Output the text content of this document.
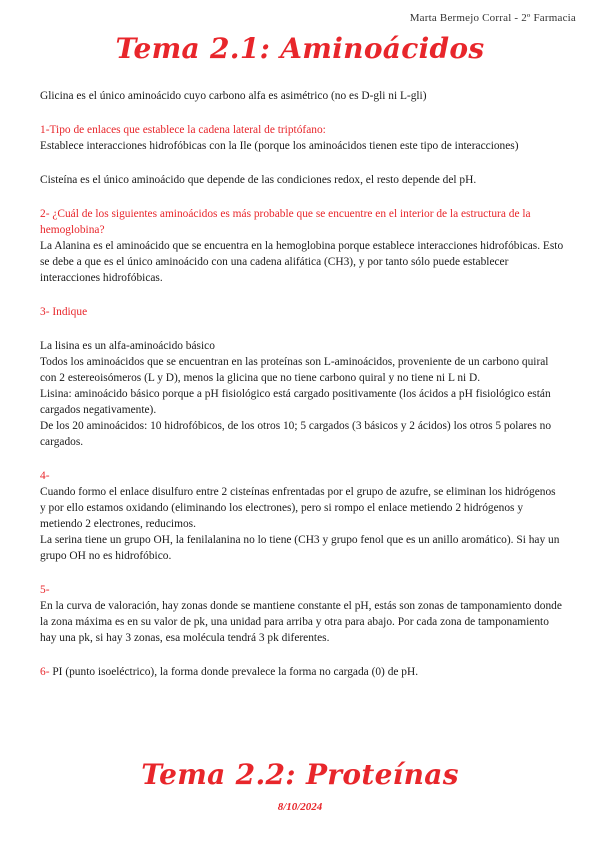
Marta Bermejo Corral - 2º Farmacia
Tema 2.1: Aminoácidos

Glicina es el único aminoácido cuyo carbono alfa es asimétrico (no es D-gli ni L-gli)

1-Tipo de enlaces que establece la cadena lateral de triptófano:

Establece interacciones hidrofóbicas con la Ile (porque los aminoácidos tienen este tipo de interacciones)

Cisteína es el único aminoácido que depende de las condiciones redox, el resto depende del pH.

2- ¿Cuál de los siguientes aminoácidos es más probable que se encuentre en el interior de la estructura de la hemoglobina?

La Alanina es el aminoácido que se encuentra en la hemoglobina porque establece interacciones hidrofóbicas. Esto se debe a que es el único aminoácido con una cadena alifática (CH3), y por tanto sólo puede establecer interacciones hidrofóbicas.

3- Indique

La lisina es un alfa-aminoácido básico

Todos los aminoácidos que se encuentran en las proteínas son L-aminoácidos, proveniente de un carbono quiral con 2 estereoisómeros (L y D), menos la glicina que no tiene carbono quiral y no tiene ni L ni D.

Lisina: aminoácido básico porque a pH fisiológico está cargado positivamente (los ácidos a pH fisiológico están cargados negativamente).

De los 20 aminoácidos: 10 hidrofóbicos, de los otros 10; 5 cargados (3 básicos y 2 ácidos) los otros 5 polares no cargados.

4-

Cuando formo el enlace disulfuro entre 2 cisteínas enfrentadas por el grupo de azufre, se eliminan los hidrógenos y por ello estamos oxidando (eliminando los electrones), pero si rompo el enlace metiendo 2 hidrógenos y metiendo 2 electrones, reducimos.

La serina tiene un grupo OH, la fenilalanina no lo tiene (CH3 y grupo fenol que es un anillo aromático). Si hay un grupo OH no es hidrofóbico.

5-

En la curva de valoración, hay zonas donde se mantiene constante el pH, estás son zonas de tamponamiento donde la zona máxima es en su valor de pk, una unidad para arriba y otra para abajo. Por cada zona de tamponamiento hay una pk, si hay 3 zonas, esa molécula tendrá 3 pk diferentes.

6- PI (punto isoeléctrico), la forma donde prevalece la forma no cargada (0) de pH.

Tema 2.2: Proteínas
8/10/2024
